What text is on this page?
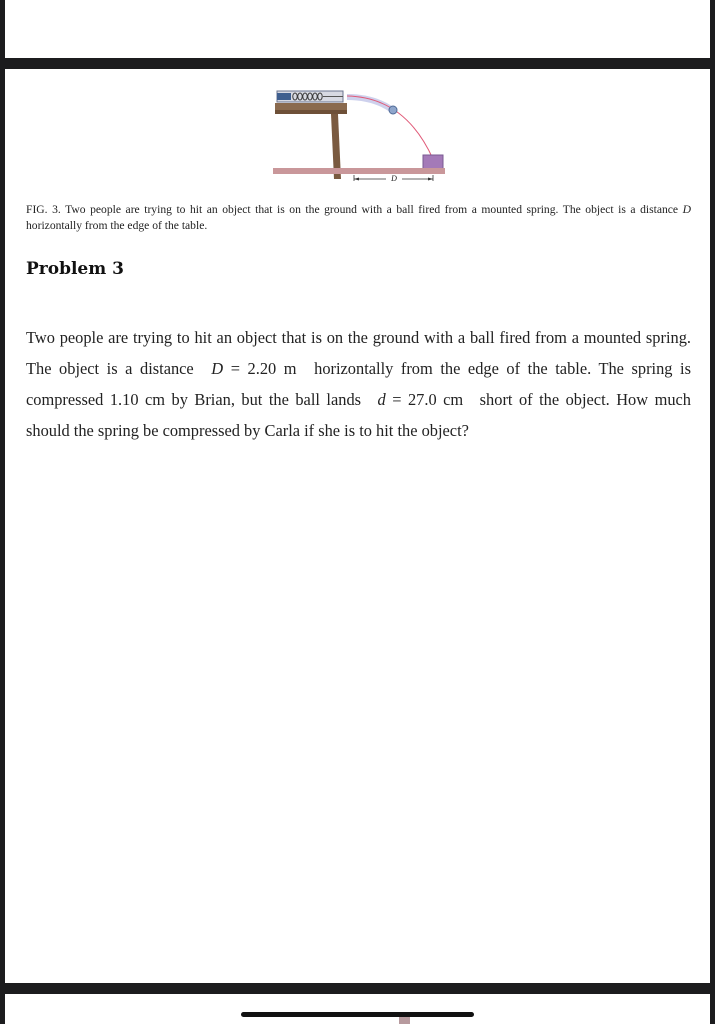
D
FIG. 3. Two people are trying to hit an object that is on the ground with a ball fired from a mounted spring. The object is a distance D horizontally from the edge of the table.
Problem 3
Two people are trying to hit an object that is on the ground with a ball fired from a mounted spring. The object is a distance D = 2.20 m horizontally from the edge of the table. The spring is compressed 1.10 cm by Brian, but the ball lands d = 27.0 cm short of the object. How much should the spring be compressed by Carla if she is to hit the object?
